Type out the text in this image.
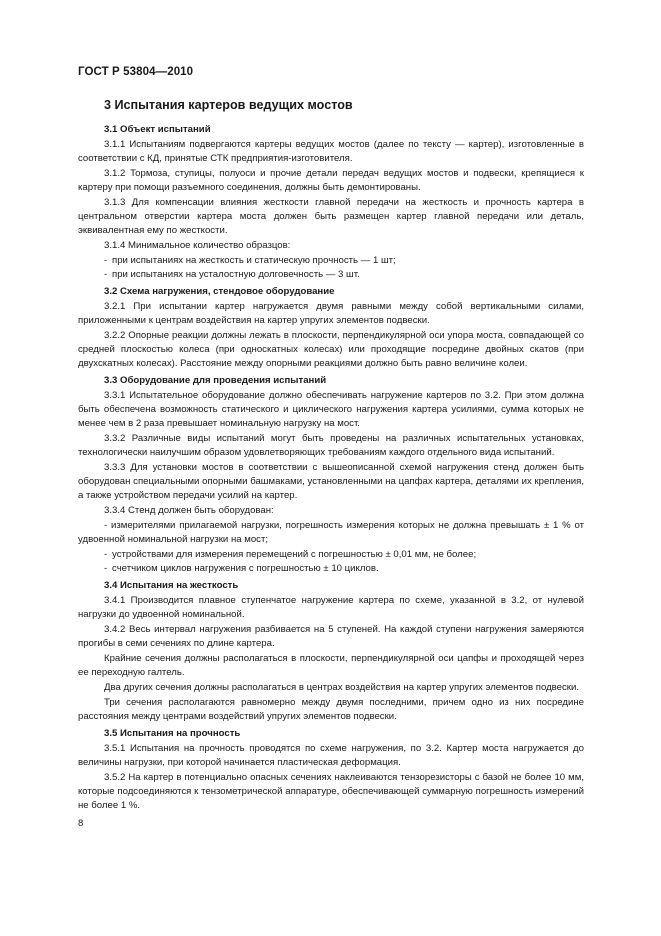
ГОСТ Р 53804—2010
3 Испытания картеров ведущих мостов
3.1 Объект испытаний

3.1.1 Испытаниям подвергаются картеры ведущих мостов (далее по тексту — картер), изготовленные в соответствии с КД, принятые СТК предприятия-изготовителя.

3.1.2 Тормоза, ступицы, полуоси и прочие детали передач ведущих мостов и подвески, крепящиеся к картеру при помощи разъемного соединения, должны быть демонтированы.

3.1.3 Для компенсации влияния жесткости главной передачи на жесткость и прочность картера в центральном отверстии картера моста должен быть размещен картер главной передачи или деталь, эквивалентная ему по жесткости.

3.1.4 Минимальное количество образцов:

- при испытаниях на жесткость и статическую прочность — 1 шт;
- при испытаниях на усталостную долговечность — 3 шт.
3.2 Схема нагружения, стендовое оборудование

3.2.1 При испытании картер нагружается двумя равными между собой вертикальными силами, приложенными к центрам воздействия на картер упругих элементов подвески.

3.2.2 Опорные реакции должны лежать в плоскости, перпендикулярной оси упора моста, совпадающей со средней плоскостью колеса (при односкатных колесах) или проходящие посредине двойных скатов (при двухскатных колесах). Расстояние между опорными реакциями должно быть равно величине колеи.

3.3 Оборудование для проведения испытаний

3.3.1 Испытательное оборудование должно обеспечивать нагружение картеров по 3.2. При этом должна быть обеспечена возможность статического и циклического нагружения картера усилиями, сумма которых не менее чем в 2 раза превышает номинальную нагрузку на мост.

3.3.2 Различные виды испытаний могут быть проведены на различных испытательных установках, технологически наилучшим образом удовлетворяющих требованиям каждого отдельного вида испытаний.

3.3.3 Для установки мостов в соответствии с вышеописанной схемой нагружения стенд должен быть оборудован специальными опорными башмаками, установленными на цапфах картера, деталями их крепления, а также устройством передачи усилий на картер.

3.3.4 Стенд должен быть оборудован:

- измерителями прилагаемой нагрузки, погрешность измерения которых не должна превышать ± 1 % от удвоенной номинальной нагрузки на мост;

- устройствами для измерения перемещений с погрешностью ± 0,01 мм, не более;
- счетчиком циклов нагружения с погрешностью ± 10 циклов.
3.4 Испытания на жесткость

3.4.1 Производится плавное ступенчатое нагружение картера по схеме, указанной в 3.2, от нулевой нагрузки до удвоенной номинальной.

3.4.2 Весь интервал нагружения разбивается на 5 ступеней. На каждой ступени нагружения замеряются прогибы в семи сечениях по длине картера.

Крайние сечения должны располагаться в плоскости, перпендикулярной оси цапфы и проходящей через ее переходную галтель.

Два других сечения должны располагаться в центрах воздействия на картер упругих элементов подвески.

Три сечения располагаются равномерно между двумя последними, причем одно из них посредине расстояния между центрами воздействий упругих элементов подвески.

3.5 Испытания на прочность

3.5.1 Испытания на прочность проводятся по схеме нагружения, по 3.2. Картер моста нагружается до величины нагрузки, при которой начинается пластическая деформация.

3.5.2 На картер в потенциально опасных сечениях наклеиваются тензорезисторы с базой не более 10 мм, которые подсоединяются к тензометрической аппаратуре, обеспечивающей суммарную погрешность измерений не более 1 %.

8
